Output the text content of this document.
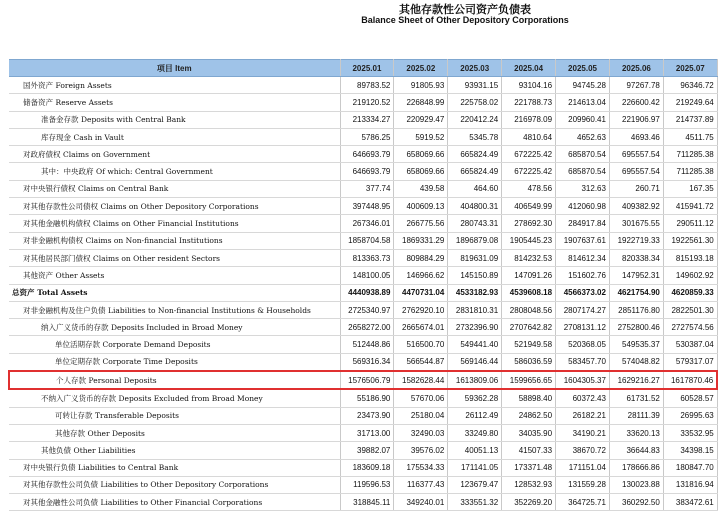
其他存款性公司资产负债表
Balance Sheet of Other Depository Corporations
项目 Item	2025.01	2025.02	2025.03	2025.04	2025.05	2025.06	2025.07
国外资产 Foreign Assets	89783.52	91805.93	93931.15	93104.16	94745.28	97267.78	96346.72
储备资产 Reserve Assets	219120.52	226848.99	225758.02	221788.73	214613.04	226600.42	219249.64
准备金存款 Deposits with Central Bank	213334.27	220929.47	220412.24	216978.09	209960.41	221906.97	214737.89
库存现金 Cash in Vault	5786.25	5919.52	5345.78	4810.64	4652.63	4693.46	4511.75
对政府债权 Claims on Government	646693.79	658069.66	665824.49	672225.42	685870.54	695557.54	711285.38
其中：中央政府 Of which: Central Government	646693.79	658069.66	665824.49	672225.42	685870.54	695557.54	711285.38
对中央银行债权 Claims on Central Bank	377.74	439.58	464.60	478.56	312.63	260.71	167.35
对其他存款性公司债权 Claims on Other Depository Corporations	397448.95	400609.13	404800.31	406549.99	412060.98	409382.92	415941.72
对其他金融机构债权 Claims on Other Financial Institutions	267346.01	266775.56	280743.31	278692.30	284917.84	301675.55	290511.12
对非金融机构债权 Claims on Non-financial Institutions	1858704.58	1869331.29	1896879.08	1905445.23	1907637.61	1922719.33	1922561.30
对其他居民部门债权 Claims on Other resident Sectors	813363.73	809884.29	819631.09	814232.53	814612.34	820338.34	815193.18
其他资产 Other Assets	148100.05	146966.62	145150.89	147091.26	151602.76	147952.31	149602.92
总资产 Total Assets	4440938.89	4470731.04	4533182.93	4539608.18	4566373.02	4621754.90	4620859.33
对非金融机构及住户负债 Liabilities to Non-financial Institutions & Households	2725340.97	2762920.10	2831810.31	2808048.56	2807174.27	2851176.80	2822501.30
纳入广义货币的存款 Deposits Included in Broad Money	2658272.00	2665674.01	2732396.90	2707642.82	2708131.12	2752800.46	2727574.56
单位活期存款 Corporate Demand Deposits	512448.86	516500.70	549441.40	521949.58	520368.05	549535.37	530387.04
单位定期存款 Corporate Time Deposits	569316.34	566544.87	569146.44	586036.59	583457.70	574048.82	579317.07
个人存款 Personal Deposits	1576506.79	1582628.44	1613809.06	1599656.65	1604305.37	1629216.27	1617870.46
不纳入广义货币的存款 Deposits Excluded from Broad Money	55186.90	57670.06	59362.28	58898.40	60372.43	61731.52	60528.57
可转让存款 Transferable Deposits	23473.90	25180.04	26112.49	24862.50	26182.21	28111.39	26995.63
其他存款 Other Deposits	31713.00	32490.03	33249.80	34035.90	34190.21	33620.13	33532.95
其他负债 Other Liabilities	39882.07	39576.02	40051.13	41507.33	38670.72	36644.83	34398.15
对中央银行负债 Liabilities to Central Bank	183609.18	175534.33	171141.05	173371.48	171151.04	178666.86	180847.70
对其他存款性公司负债 Liabilities to Other Depository Corporations	119596.53	116377.43	123679.47	128532.93	131559.28	130023.88	131816.94
对其他金融性公司负债 Liabilities to Other Financial Corporations	318845.11	349240.01	333551.32	352269.20	364725.71	360292.50	383472.61
